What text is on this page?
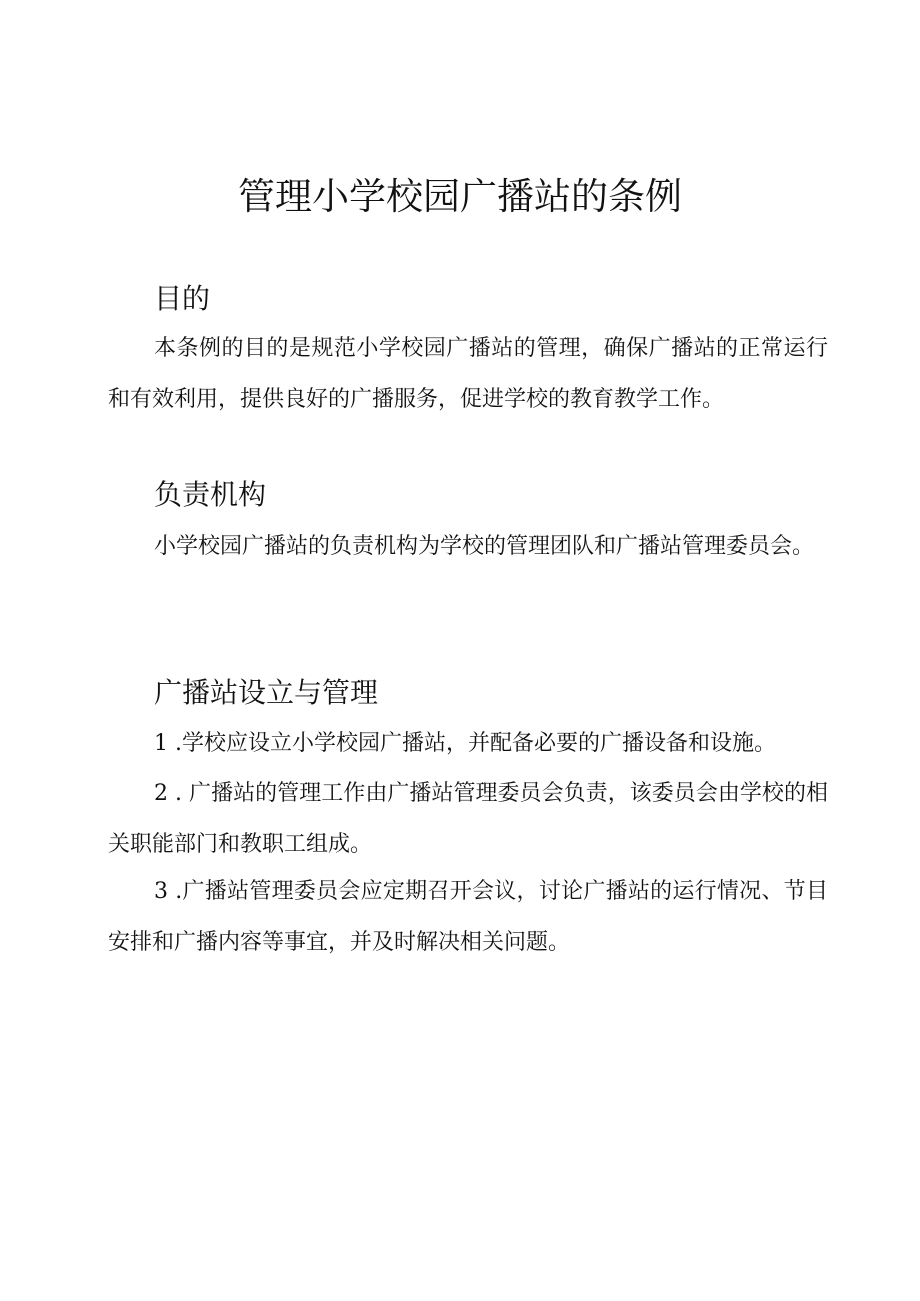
管理小学校园广播站的条例
目的

本条例的目的是规范小学校园广播站的管理，确保广播站的正常运行和有效利用，提供良好的广播服务，促进学校的教育教学工作。

负责机构

小学校园广播站的负责机构为学校的管理团队和广播站管理委员会。

广播站设立与管理

1 .学校应设立小学校园广播站，并配备必要的广播设备和设施。

2 . 广播站的管理工作由广播站管理委员会负责，该委员会由学校的相关职能部门和教职工组成。

3 .广播站管理委员会应定期召开会议，讨论广播站的运行情况、节目安排和广播内容等事宜，并及时解决相关问题。
